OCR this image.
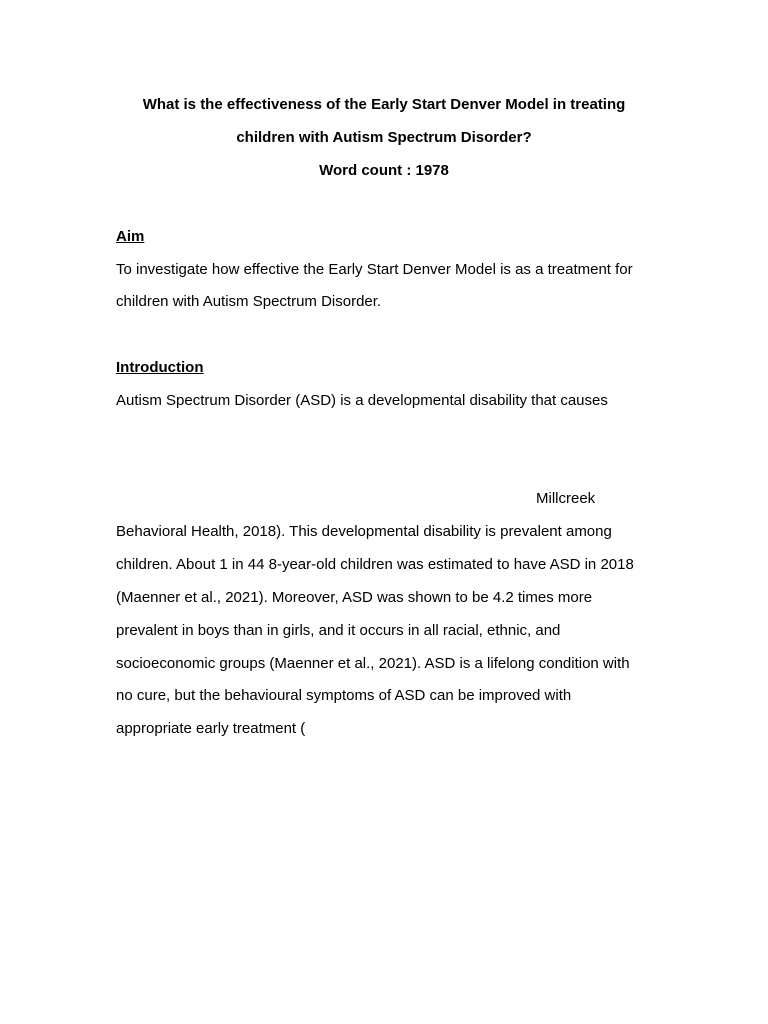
What is the effectiveness of the Early Start Denver Model in treating
children with Autism Spectrum Disorder?
Word count : 1978
Aim
To investigate how effective the Early Start Denver Model is as a treatment for
children with Autism Spectrum Disorder.
Introduction
Autism Spectrum Disorder (ASD) is a developmental disability that causes
Millcreek
Behavioral Health, 2018). This developmental disability is prevalent among
children. About 1 in 44 8-year-old children was estimated to have ASD in 2018
(Maenner et al., 2021). Moreover, ASD was shown to be 4.2 times more
prevalent in boys than in girls, and it occurs in all racial, ethnic, and
socioeconomic groups (Maenner et al., 2021). ASD is a lifelong condition with
no cure, but the behavioural symptoms of ASD can be improved with
appropriate early treatment (
